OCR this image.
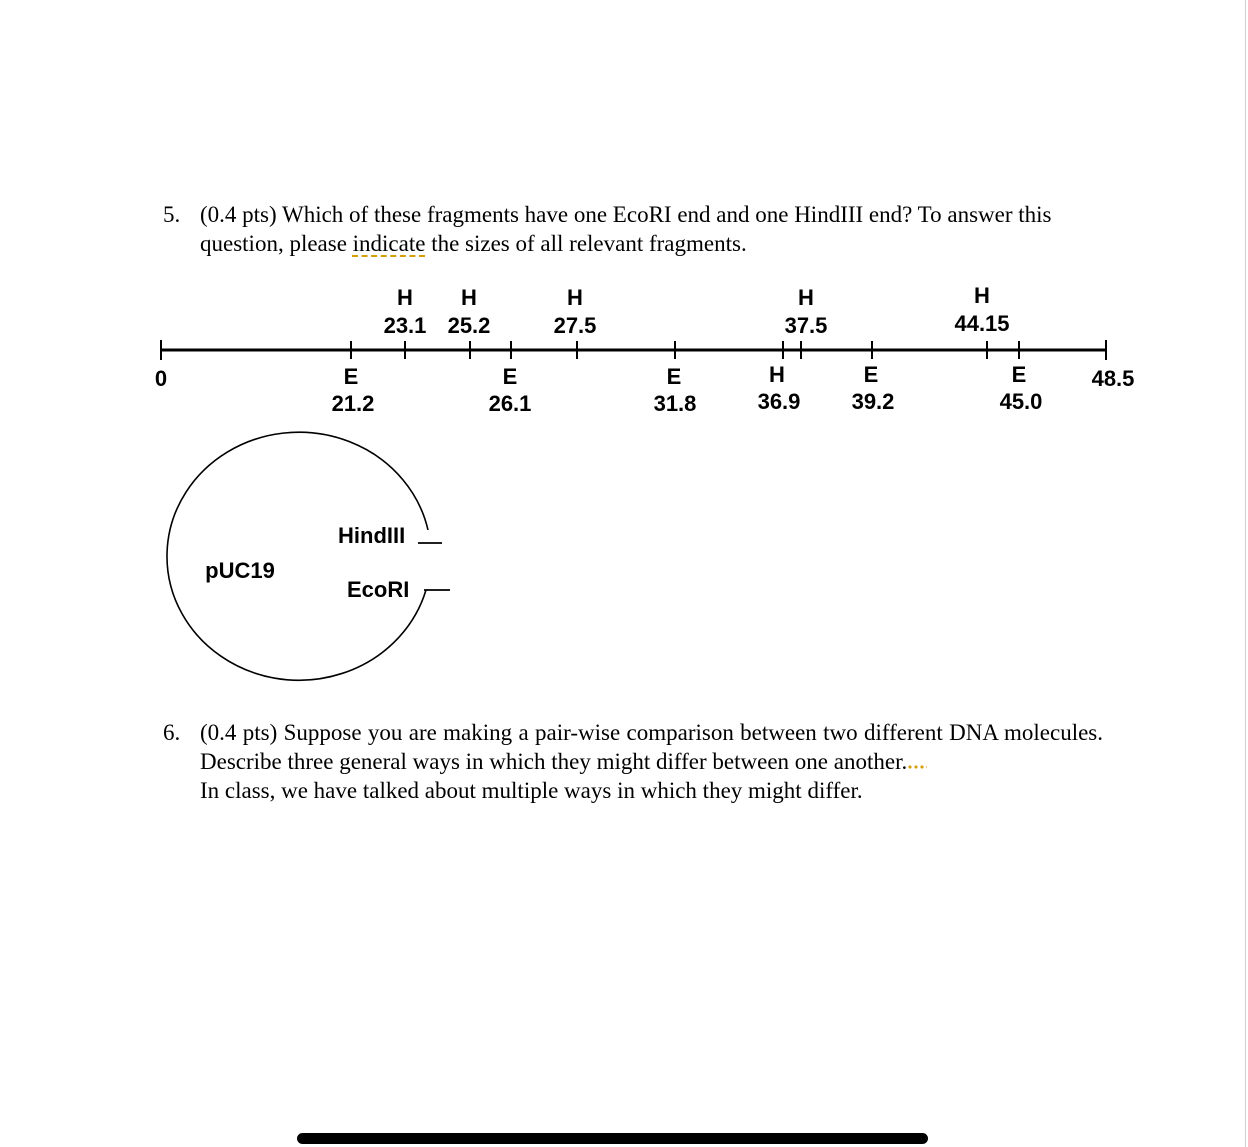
5. (0.4 pts) Which of these fragments have one EcoRI end and one HindIII end? To answer this question, please indicate the sizes of all relevant fragments.
0	48.5
H
23.1
H
25.2
H
27.5
H
37.5
H
44.15
E
21.2
E
26.1
E
31.8
H
36.9
E
39.2
E
45.0
pUC19
HindIII
EcoRI
6. (0.4 pts) Suppose you are making a pair-wise comparison between two different DNA molecules. Describe three general ways in which they might differ between one another.
In class, we have talked about multiple ways in which they might differ.
